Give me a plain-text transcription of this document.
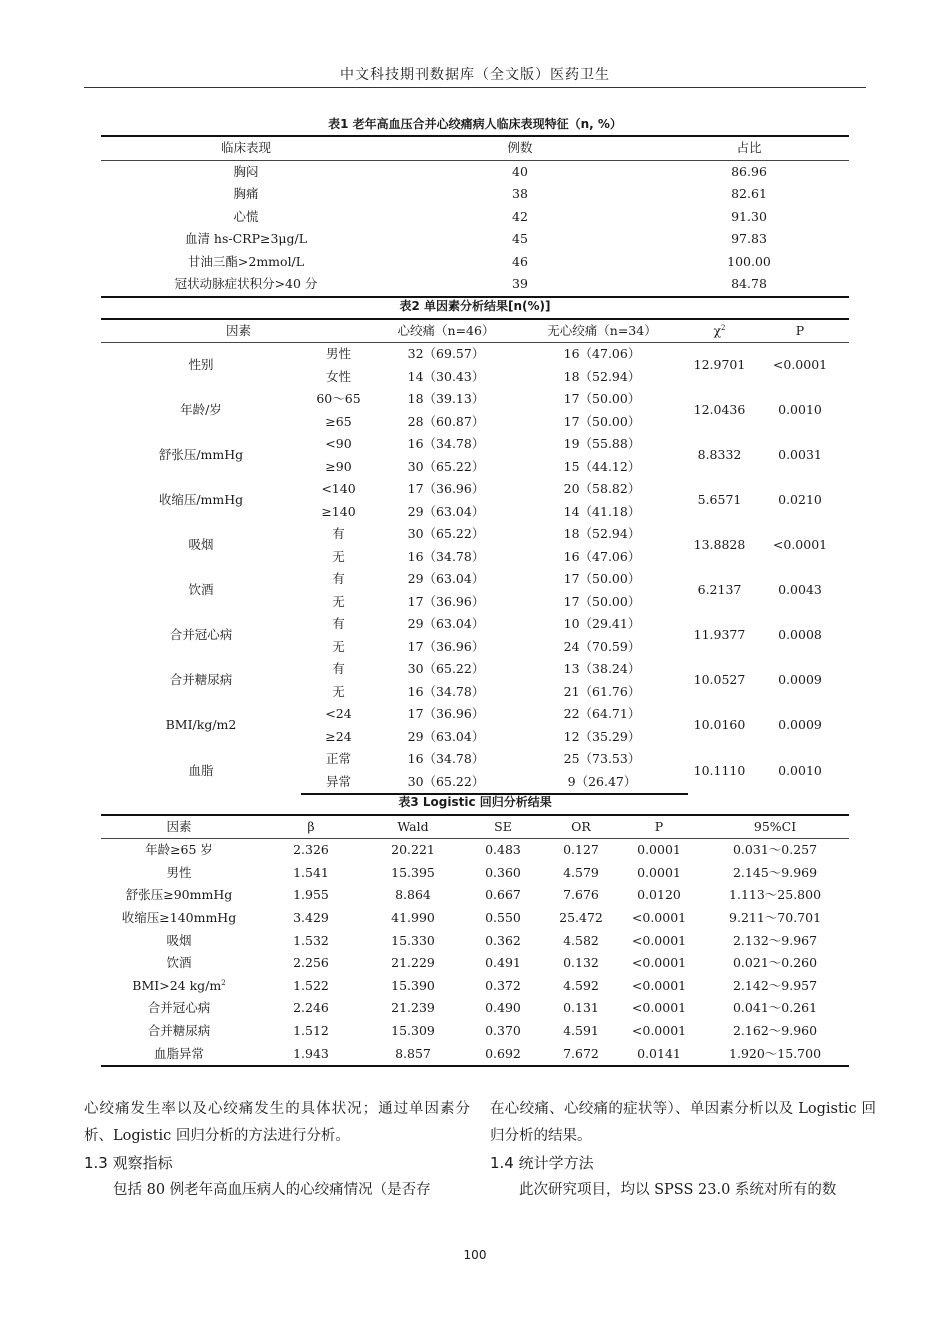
中文科技期刊数据库（全文版）医药卫生
表1 老年高血压合并心绞痛病人临床表现特征（n, %）		
临床表现	例数	占比
胸闷	40	86.96
胸痛	38	82.61
心慌	42	91.30
血清 hs-CRP≥3μg/L	45	97.83
甘油三酯>2mmol/L	46	100.00
冠状动脉症状积分>40 分	39	84.78
表2 单因素分析结果[n(%)]					
因素		心绞痛（n=46）	无心绞痛（n=34）	$\chi^2$	P
性别	男性	32（69.57）	16（47.06）	12.9701	<0.0001
	女性	14（30.43）	18（52.94）		
年龄/岁	60～65	18（39.13）	17（50.00）	12.0436	0.0010
	≥65	28（60.87）	17（50.00）		
舒张压/mmHg	<90	16（34.78）	19（55.88）	8.8332	0.0031
	≥90	30（65.22）	15（44.12）		
收缩压/mmHg	<140	17（36.96）	20（58.82）	5.6571	0.0210
	≥140	29（63.04）	14（41.18）		
吸烟	有	30（65.22）	18（52.94）	13.8828	<0.0001
	无	16（34.78）	16（47.06）		
饮酒	有	29（63.04）	17（50.00）	6.2137	0.0043
	无	17（36.96）	17（50.00）		
合并冠心病	有	29（63.04）	10（29.41）	11.9377	0.0008
	无	17（36.96）	24（70.59）		
合并糖尿病	有	30（65.22）	13（38.24）	10.0527	0.0009
	无	16（34.78）	21（61.76）		
BMI/kg/m2	<24	17（36.96）	22（64.71）	10.0160	0.0009
	≥24	29（63.04）	12（35.29）		
血脂	正常	16（34.78）	25（73.53）	10.1110	0.0010
	异常	30（65.22）	9（26.47）		
表3 Logistic 回归分析结果						
因素	β	Wald	SE	OR	P	95%CI
年龄≥65 岁	2.326	20.221	0.483	0.127	0.0001	0.031～0.257
男性	1.541	15.395	0.360	4.579	0.0001	2.145～9.969
舒张压≥90mmHg	1.955	8.864	0.667	7.676	0.0120	1.113～25.800
收缩压≥140mmHg	3.429	41.990	0.550	25.472	<0.0001	9.211～70.701
吸烟	1.532	15.330	0.362	4.582	<0.0001	2.132～9.967
饮酒	2.256	21.229	0.491	0.132	<0.0001	0.021～0.260
BMI>24 $kg/m^2$	1.522	15.390	0.372	4.592	<0.0001	2.142～9.957
合并冠心病	2.246	21.239	0.490	0.131	<0.0001	0.041～0.261
合并糖尿病	1.512	15.309	0.370	4.591	<0.0001	2.162～9.960
血脂异常	1.943	8.857	0.692	7.672	0.0141	1.920～15.700

心绞痛发生率以及心绞痛发生的具体状况；通过单因素分析、Logistic 回归分析的方法进行分析。

1.3 观察指标

包括 80 例老年高血压病人的心绞痛情况（是否存

在心绞痛、心绞痛的症状等）、单因素分析以及 Logistic 回归分析的结果。

1.4 统计学方法

此次研究项目，均以 SPSS 23.0 系统对所有的数

100
